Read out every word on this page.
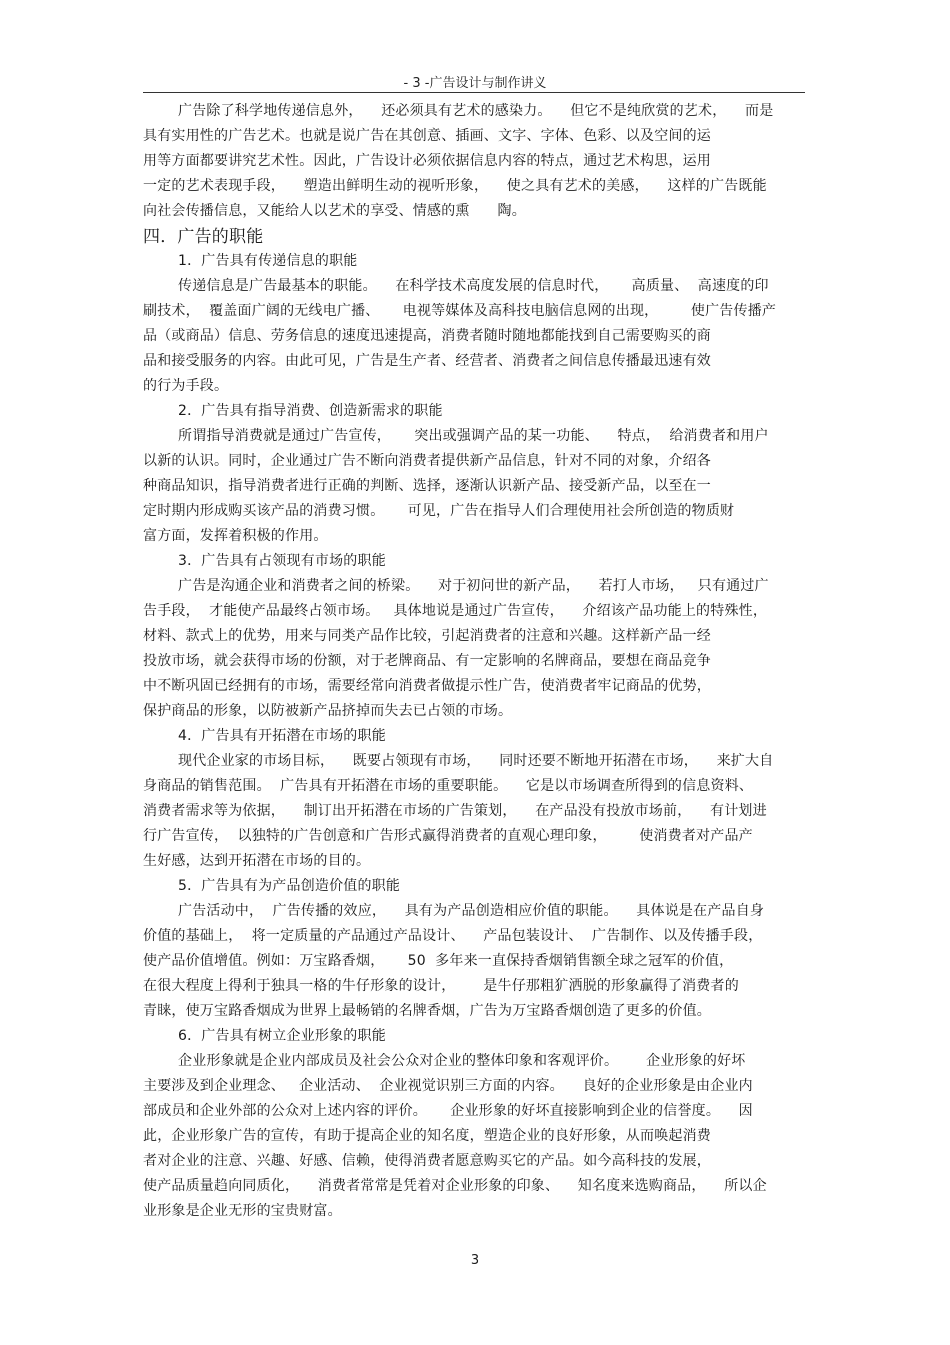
- 3 -广告设计与制作讲义
广告除了科学地传递信息外，    还必须具有艺术的感染力。    但它不是纯欣赏的艺术，    而是
具有实用性的广告艺术。也就是说广告在其创意、插画、文字、字体、色彩、以及空间的运
用等方面都要讲究艺术性。因此，广告设计必须依据信息内容的特点，通过艺术构思，运用
一定的艺术表现手段，    塑造出鲜明生动的视听形象，    使之具有艺术的美感，    这样的广告既能
向社会传播信息，又能给人以艺术的享受、情感的熏      陶。
四．广告的职能
1．广告具有传递信息的职能
传递信息是广告最基本的职能。    在科学技术高度发展的信息时代，     高质量、  高速度的印
刷技术，  覆盖面广阔的无线电广播、     电视等媒体及高科技电脑信息网的出现，       使广告传播产
品（或商品）信息、劳务信息的速度迅速提高，消费者随时随地都能找到自己需要购买的商
品和接受服务的内容。由此可见，广告是生产者、经营者、消费者之间信息传播最迅速有效
的行为手段。
2．广告具有指导消费、创造新需求的职能
所谓指导消费就是通过广告宣传，     突出或强调产品的某一功能、    特点，  给消费者和用户
以新的认识。同时，企业通过广告不断向消费者提供新产品信息，针对不同的对象，介绍各
种商品知识，指导消费者进行正确的判断、选择，逐渐认识新产品、接受新产品，以至在一
定时期内形成购买该产品的消费习惯。     可见，广告在指导人们合理使用社会所创造的物质财
富方面，发挥着积极的作用。
3．广告具有占领现有市场的职能
广告是沟通企业和消费者之间的桥梁。    对于初问世的新产品，    若打人市场，   只有通过广
告手段，  才能使产品最终占领市场。   具体地说是通过广告宣传，    介绍该产品功能上的特殊性，
材料、款式上的优势，用来与同类产品作比较，引起消费者的注意和兴趣。这样新产品一经
投放市场，就会获得市场的份额，对于老牌商品、有一定影响的名牌商品，要想在商品竞争
中不断巩固已经拥有的市场，需要经常向消费者做提示性广告，使消费者牢记商品的优势，
保护商品的形象，以防被新产品挤掉而失去已占领的市场。
4．广告具有开拓潜在市场的职能
现代企业家的市场目标，    既要占领现有市场，    同时还要不断地开拓潜在市场，    来扩大自
身商品的销售范围。  广告具有开拓潜在市场的重要职能。    它是以市场调查所得到的信息资料、
消费者需求等为依据，    制订出开拓潜在市场的广告策划，    在产品没有投放市场前，    有计划进
行广告宣传，  以独特的广告创意和广告形式赢得消费者的直观心理印象，       使消费者对产品产
生好感，达到开拓潜在市场的目的。
5．广告具有为产品创造价值的职能
广告活动中，  广告传播的效应，    具有为产品创造相应价值的职能。    具体说是在产品自身
价值的基础上，  将一定质量的产品通过产品设计、    产品包装设计、  广告制作、以及传播手段，
使产品价值增值。例如：万宝路香烟，     50  多年来一直保持香烟销售额全球之冠军的价值，
在很大程度上得利于独具一格的牛仔形象的设计，      是牛仔那粗犷洒脱的形象赢得了消费者的
青睐，使万宝路香烟成为世界上最畅销的名牌香烟，广告为万宝路香烟创造了更多的价值。
6．广告具有树立企业形象的职能
企业形象就是企业内部成员及社会公众对企业的整体印象和客观评价。      企业形象的好坏
主要涉及到企业理念、   企业活动、  企业视觉识别三方面的内容。    良好的企业形象是由企业内
部成员和企业外部的公众对上述内容的评价。     企业形象的好坏直接影响到企业的信誉度。    因
此，企业形象广告的宣传，有助于提高企业的知名度，塑造企业的良好形象，从而唤起消费
者对企业的注意、兴趣、好感、信赖，使得消费者愿意购买它的产品。如今高科技的发展，
使产品质量趋向同质化，    消费者常常是凭着对企业形象的印象、    知名度来选购商品，    所以企
业形象是企业无形的宝贵财富。
3
